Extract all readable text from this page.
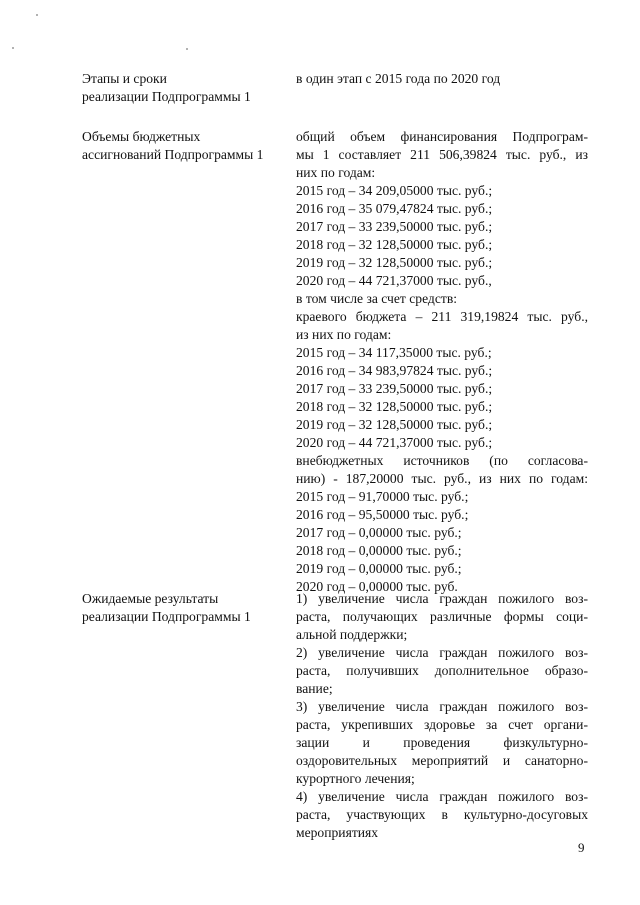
Этапы и сроки
реализации Подпрограммы 1
в один этап с 2015 года по 2020 год
Объемы бюджетных
ассигнований Подпрограммы 1
общий объем финансирования Подпрограм-
мы 1 составляет 211 506,39824 тыс. руб., из
них по годам:
2015 год – 34 209,05000 тыс. руб.;
2016 год – 35 079,47824 тыс. руб.;
2017 год – 33 239,50000 тыс. руб.;
2018 год – 32 128,50000 тыс. руб.;
2019 год – 32 128,50000 тыс. руб.;
2020 год – 44 721,37000 тыс. руб.,
в том числе за счет средств:
краевого бюджета – 211 319,19824 тыс. руб.,
из них по годам:
2015 год – 34 117,35000 тыс. руб.;
2016 год – 34 983,97824 тыс. руб.;
2017 год – 33 239,50000 тыс. руб.;
2018 год – 32 128,50000 тыс. руб.;
2019 год – 32 128,50000 тыс. руб.;
2020 год – 44 721,37000 тыс. руб.;
внебюджетных источников (по согласова-
нию) - 187,20000 тыс. руб., из них по годам:
2015 год – 91,70000 тыс. руб.;
2016 год – 95,50000 тыс. руб.;
2017 год – 0,00000 тыс. руб.;
2018 год – 0,00000 тыс. руб.;
2019 год – 0,00000 тыс. руб.;
2020 год – 0,00000 тыс. руб.
Ожидаемые результаты
реализации Подпрограммы 1
1) увеличение числа граждан пожилого воз-
раста, получающих различные формы соци-
альной поддержки;
2) увеличение числа граждан пожилого воз-
раста, получивших дополнительное образо-
вание;
3) увеличение числа граждан пожилого воз-
раста, укрепивших здоровье за счет органи-
зации и проведения физкультурно-
оздоровительных мероприятий и санаторно-
курортного лечения;
4) увеличение числа граждан пожилого воз-
раста, участвующих в культурно-досуговых
мероприятиях
9
